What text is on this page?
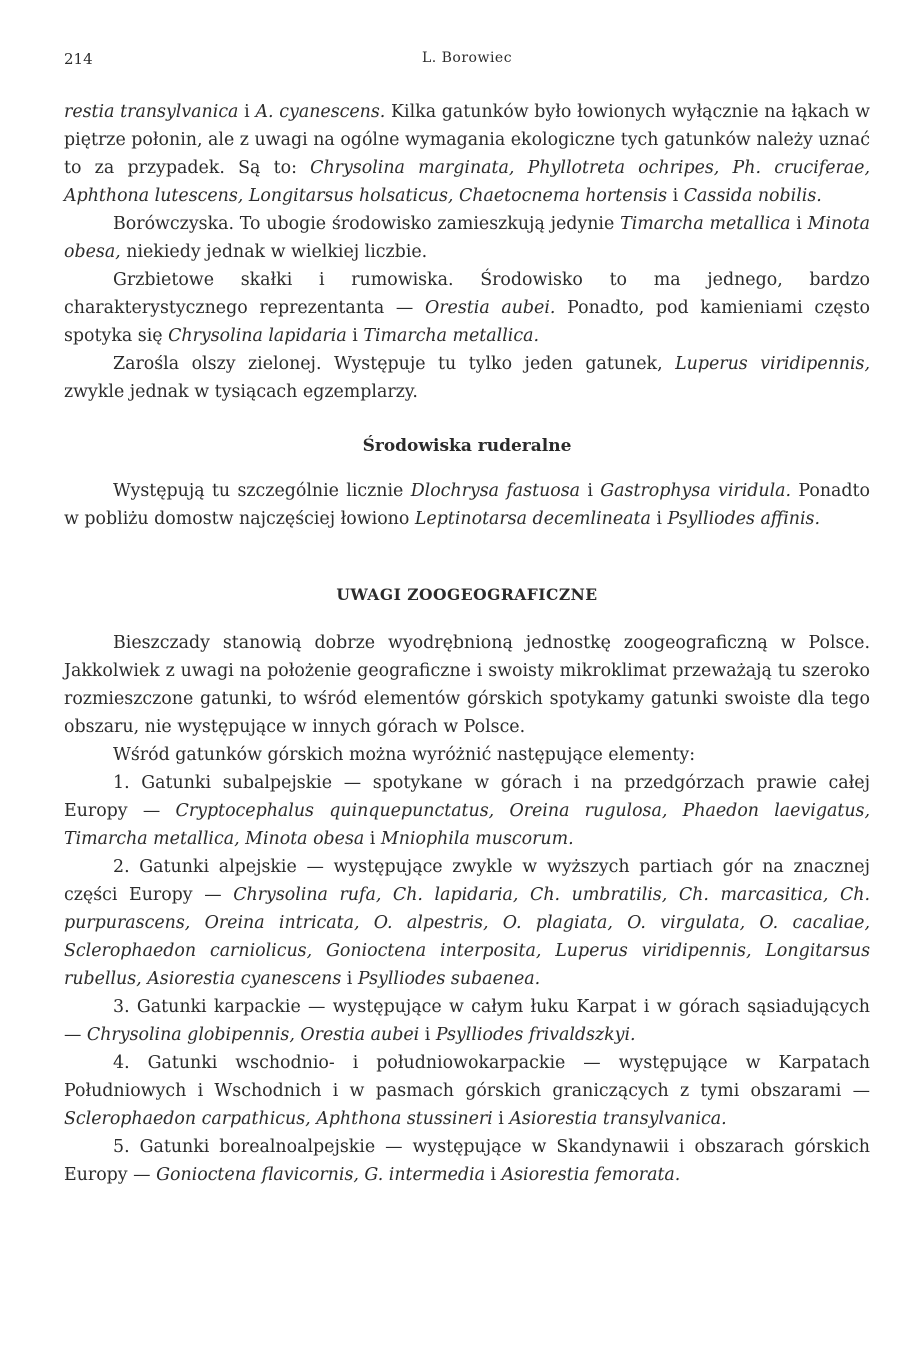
214	L. Borowiec

restia transylvanica i A. cyanescens. Kilka gatunków było łowionych wyłącznie na łąkach w piętrze połonin, ale z uwagi na ogólne wymagania ekologiczne tych gatunków należy uznać to za przypadek. Są to: Chrysolina marginata, Phyllotreta ochripes, Ph. cruciferae, Aphthona lutescens, Longitarsus holsaticus, Chaetocnema hortensis i Cassida nobilis.

Borówczyska. To ubogie środowisko zamieszkują jedynie Timarcha metallica i Minota obesa, niekiedy jednak w wielkiej liczbie.

Grzbietowe skałki i rumowiska. Środowisko to ma jednego, bardzo charakterystycznego reprezentanta — Orestia aubei. Ponadto, pod kamieniami często spotyka się Chrysolina lapidaria i Timarcha metallica.

Zarośla olszy zielonej. Występuje tu tylko jeden gatunek, Luperus viridipennis, zwykle jednak w tysiącach egzemplarzy.

Środowiska ruderalne

Występują tu szczególnie licznie Dlochrysa fastuosa i Gastrophysa viridula. Ponadto w pobliżu domostw najczęściej łowiono Leptinotarsa decemlineata i Psylliodes affinis.

UWAGI ZOOGEOGRAFICZNE

Bieszczady stanowią dobrze wyodrębnioną jednostkę zoogeograficzną w Polsce. Jakkolwiek z uwagi na położenie geograficzne i swoisty mikroklimat przeważają tu szeroko rozmieszczone gatunki, to wśród elementów górskich spotykamy gatunki swoiste dla tego obszaru, nie występujące w innych górach w Polsce.

Wśród gatunków górskich można wyróżnić następujące elementy:

1. Gatunki subalpejskie — spotykane w górach i na przedgórzach prawie całej Europy — Cryptocephalus quinquepunctatus, Oreina rugulosa, Phaedon laevigatus, Timarcha metallica, Minota obesa i Mniophila muscorum.

2. Gatunki alpejskie — występujące zwykle w wyższych partiach gór na znacznej części Europy — Chrysolina rufa, Ch. lapidaria, Ch. umbratilis, Ch. marcasitica, Ch. purpurascens, Oreina intricata, O. alpestris, O. plagiata, O. virgulata, O. cacaliae, Sclerophaedon carniolicus, Gonioctena interposita, Luperus viridipennis, Longitarsus rubellus, Asiorestia cyanescens i Psylliodes subaenea.

3. Gatunki karpackie — występujące w całym łuku Karpat i w górach sąsiadujących — Chrysolina globipennis, Orestia aubei i Psylliodes frivaldszkyi.

4. Gatunki wschodnio- i południowokarpackie — występujące w Karpatach Południowych i Wschodnich i w pasmach górskich graniczących z tymi obszarami — Sclerophaedon carpathicus, Aphthona stussineri i Asiorestia transylvanica.

5. Gatunki borealnoalpejskie — występujące w Skandynawii i obszarach górskich Europy — Gonioctena flavicornis, G. intermedia i Asiorestia femorata.
